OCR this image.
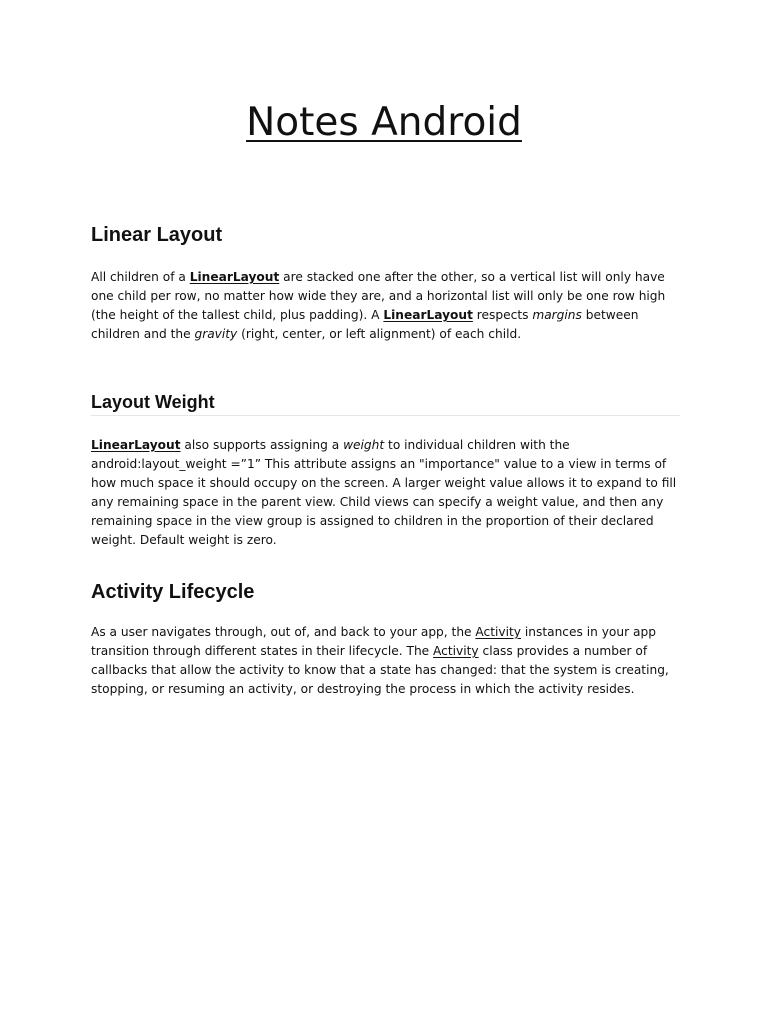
Notes Android
Linear Layout

All children of a LinearLayout are stacked one after the other, so a vertical list will only have one child per row, no matter how wide they are, and a horizontal list will only be one row high (the height of the tallest child, plus padding). A LinearLayout respects margins between children and the gravity (right, center, or left alignment) of each child.

Layout Weight

LinearLayout also supports assigning a weight to individual children with the android:layout_weight =”1” This attribute assigns an "importance" value to a view in terms of how much space it should occupy on the screen. A larger weight value allows it to expand to fill any remaining space in the parent view. Child views can specify a weight value, and then any remaining space in the view group is assigned to children in the proportion of their declared weight. Default weight is zero.

Activity Lifecycle

As a user navigates through, out of, and back to your app, the Activity instances in your app transition through different states in their lifecycle. The Activity class provides a number of callbacks that allow the activity to know that a state has changed: that the system is creating, stopping, or resuming an activity, or destroying the process in which the activity resides.
